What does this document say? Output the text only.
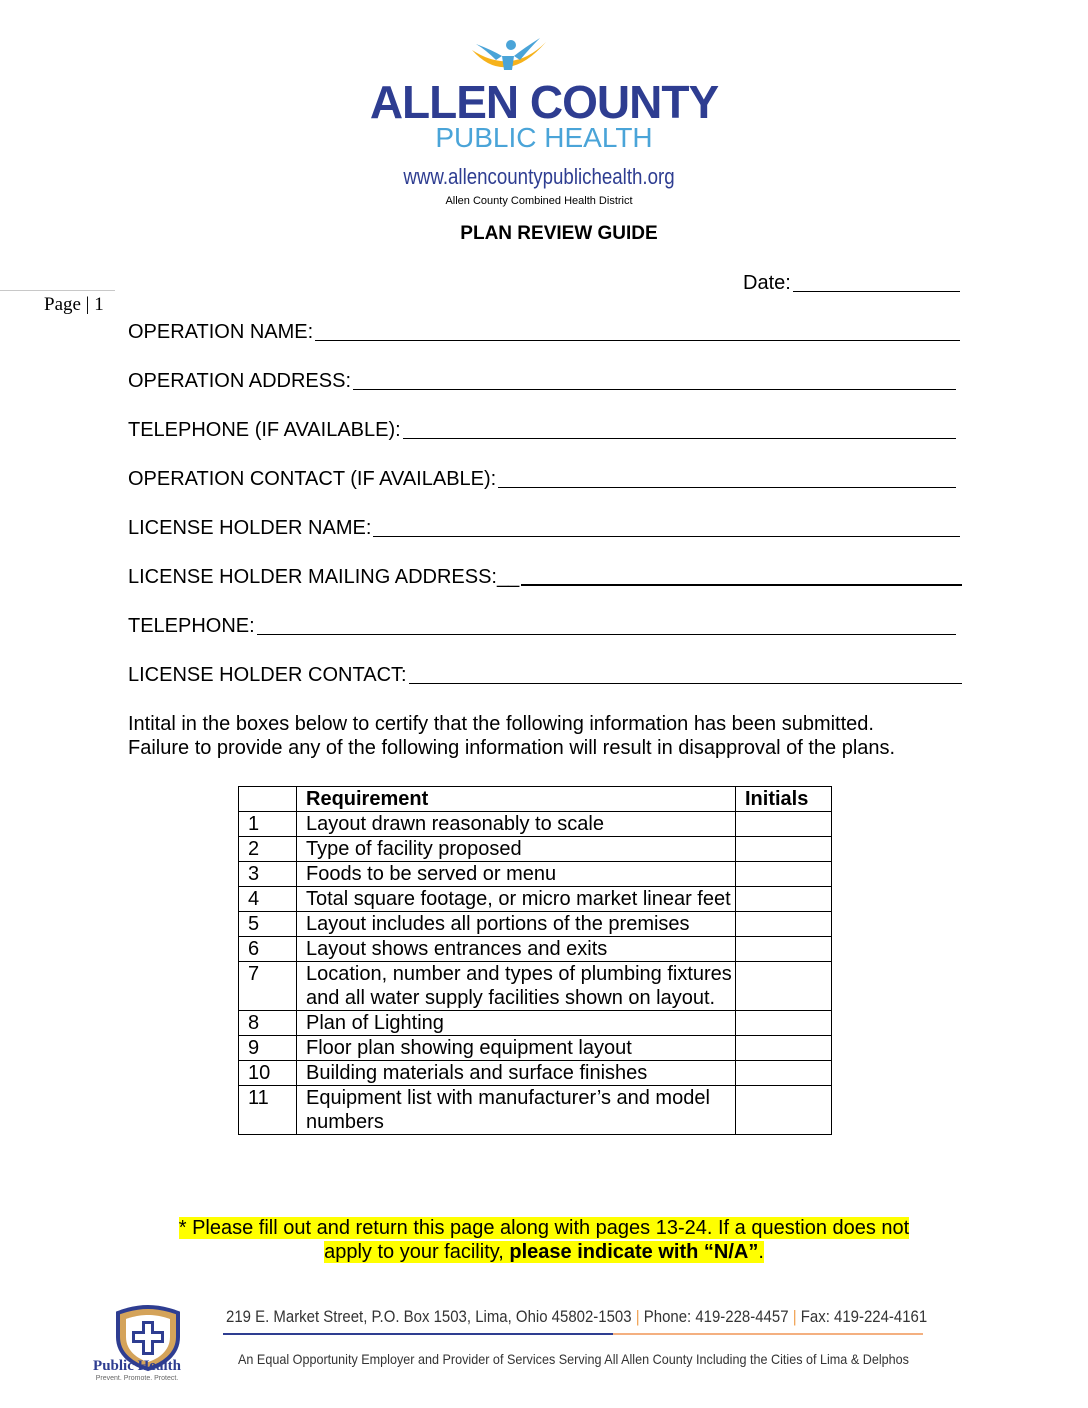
ALLEN COUNTY
PUBLIC HEALTH
www.allencountypublichealth.org
Allen County Combined Health District
PLAN REVIEW GUIDE
Page | 1
Date:
OPERATION NAME:
OPERATION ADDRESS:
TELEPHONE (IF AVAILABLE):
OPERATION CONTACT (IF AVAILABLE):
LICENSE HOLDER NAME:
LICENSE HOLDER MAILING ADDRESS:__
TELEPHONE:
LICENSE HOLDER CONTACT:
Intital in the boxes below to certify that the following information has been submitted.
Failure to provide any of the following information will result in disapproval of the plans.
	Requirement	Initials
1	Layout drawn reasonably to scale	
2	Type of facility proposed	
3	Foods to be served or menu	
4	Total square footage, or micro market linear feet	
5	Layout includes all portions of the premises	
6	Layout shows entrances and exits	
7	Location, number and types of plumbing fixtures and all water supply facilities shown on layout.	
8	Plan of Lighting	
9	Floor plan showing equipment layout	
10	Building materials and surface finishes	
11	Equipment list with manufacturer’s and model numbers	
* Please fill out and return this page along with pages 13-24. If a question does not
apply to your facility, please indicate with “N/A”.
Public Health
Prevent. Promote. Protect.
219 E. Market Street, P.O. Box 1503, Lima, Ohio 45802-1503 | Phone: 419-228-4457 | Fax: 419-224-4161
An Equal Opportunity Employer and Provider of Services Serving All Allen County Including the Cities of Lima & Delphos
